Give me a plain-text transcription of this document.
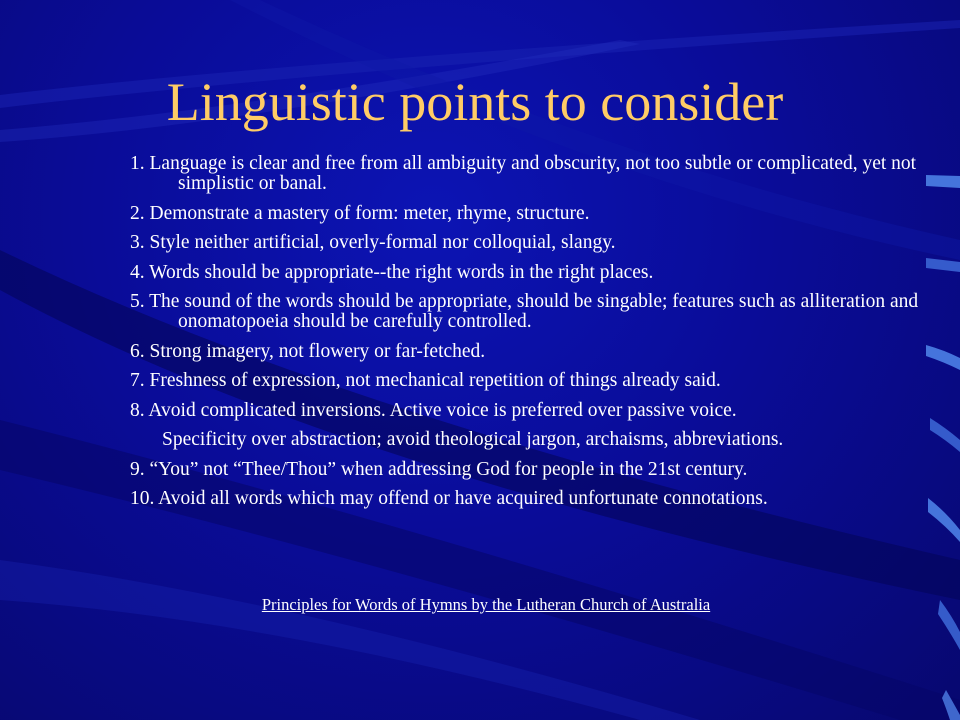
Linguistic points to consider
1. Language is clear and free from all ambiguity and obscurity, not too subtle or complicated, yet not simplistic or banal.
2. Demonstrate a mastery of form: meter, rhyme, structure.
3. Style neither artificial, overly-formal nor colloquial, slangy.
4. Words should be appropriate--the right words in the right places.
5. The sound of the words should be appropriate, should be singable; features such as alliteration and onomatopoeia should be carefully controlled.
6. Strong imagery, not flowery or far-fetched.
7. Freshness of expression, not mechanical repetition of things already said.
8. Avoid complicated inversions. Active voice is preferred over passive voice.
Specificity over abstraction; avoid theological jargon, archaisms, abbreviations.
9. “You” not “Thee/Thou” when addressing God for people in the 21st century.
10. Avoid all words which may offend or have acquired unfortunate connotations.
Principles for Words of Hymns by the Lutheran Church of Australia
